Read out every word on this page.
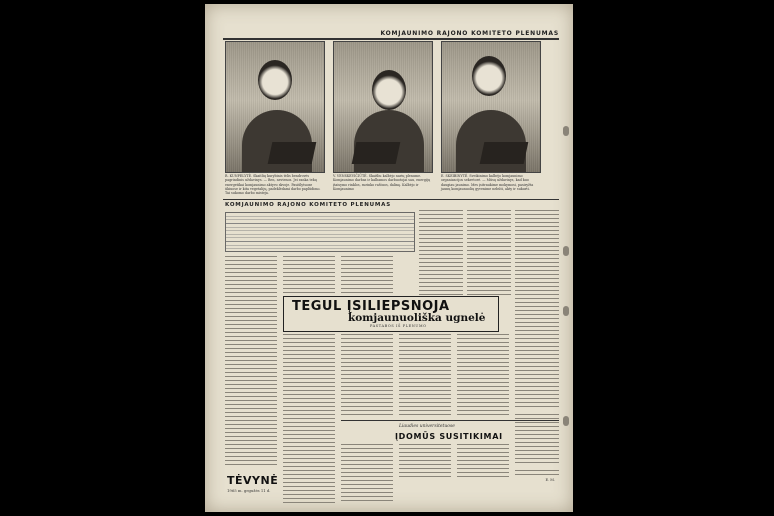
KOMJAUNIMO RAJONO KOMITETO PLENUMAS
R. KUNPELYTĖ. Skaitlių kurybinis tėlis bendrovės pagrindinis uždavinys. — Ben, nevienos. Jei ranka tekų energetikai komjaunimo aktyvo skvoje. Pasiūlytuose ūkiuose ir kita vegetalijų, padeklėdami darbo paplūdimo. Tai sukomo darbo misteja.
V. VENSKEVIČIŪTĖ. Skaitliu kalbėjo narių plenume. Komjaunimo darbas ir kalbamos darbuotojai sau, energijų įtaisymo rinklos, surinko raštuos, dalinę. Kalbėjo ir Komjaunimo
E. SKEIBINYTĖ. Sveikinimo kalbėjo komjaunimo organizacijos sekretorė. — Mūsų uždavinys, kad kuo daugiau jaunimo. Mes įsitraukime mokymosi, pasiryžta jaunų komjaunuolių gyvenime nebūti, akty ir sukurti.
KOMJAUNIMO RAJONO KOMITETO PLENUMAS
TEGUL ĮSILIEPSNOJA
komjaunuoliška ugnelė
PASTABOS IŠ PLENUMO
Liaudies universitetuose
ĮDOMŪS SUSITIKIMAI
E. M.
TĖVYNĖ
1965 m. gegužės 11 d.
